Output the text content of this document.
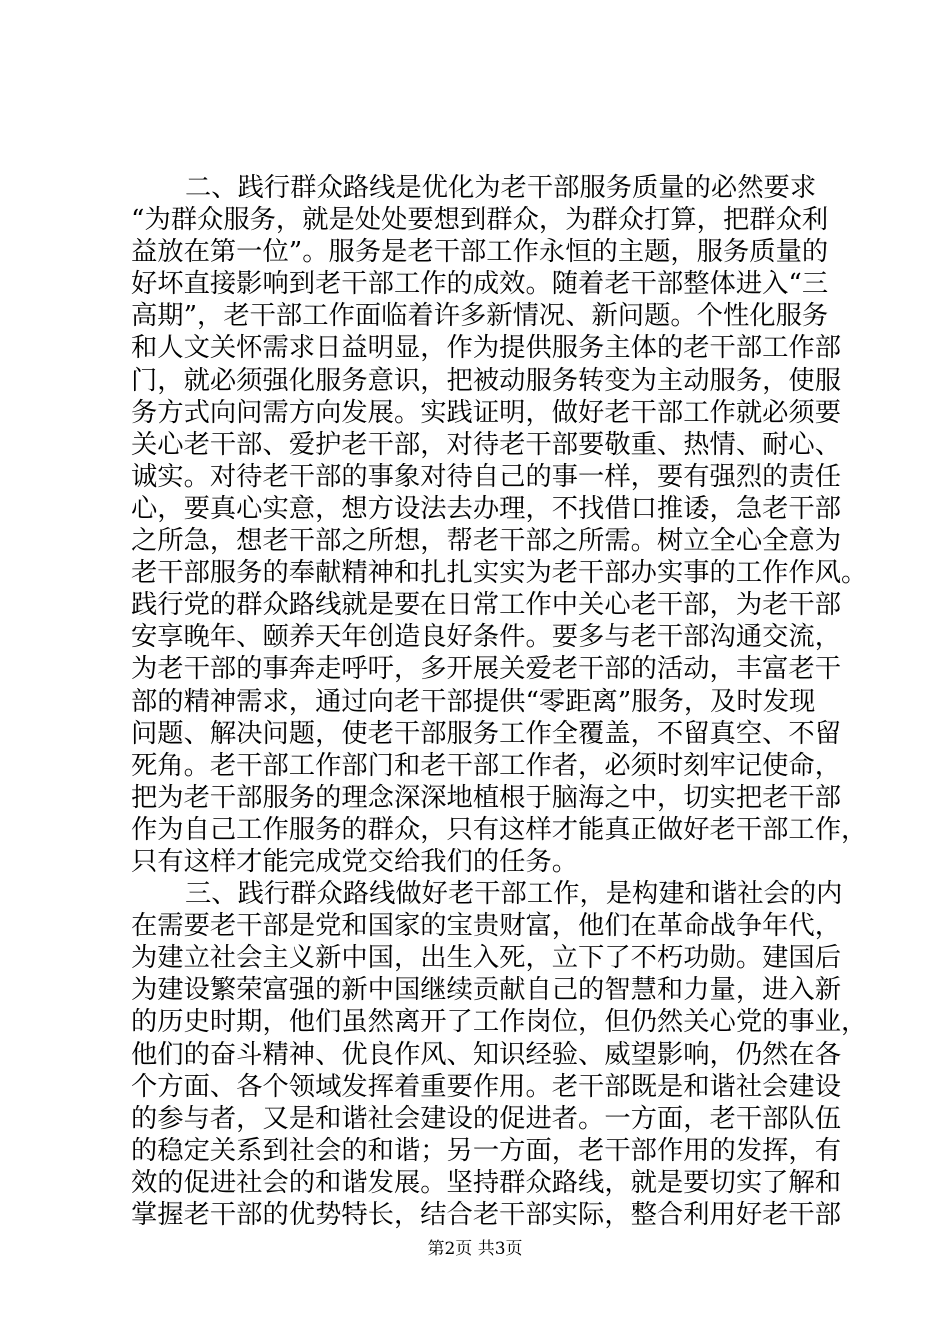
二、践行群众路线是优化为老干部服务质量的必然要求
“为群众服务，就是处处要想到群众，为群众打算，把群众利
益放在第一位”。服务是老干部工作永恒的主题，服务质量的
好坏直接影响到老干部工作的成效。随着老干部整体进入“三
高期”，老干部工作面临着许多新情况、新问题。个性化服务
和人文关怀需求日益明显，作为提供服务主体的老干部工作部
门，就必须强化服务意识，把被动服务转变为主动服务，使服
务方式向问需方向发展。实践证明，做好老干部工作就必须要
关心老干部、爱护老干部，对待老干部要敬重、热情、耐心、
诚实。对待老干部的事象对待自己的事一样，要有强烈的责任
心，要真心实意，想方设法去办理，不找借口推诿，急老干部
之所急，想老干部之所想，帮老干部之所需。树立全心全意为
老干部服务的奉献精神和扎扎实实为老干部办实事的工作作风。
践行党的群众路线就是要在日常工作中关心老干部，为老干部
安享晚年、颐养天年创造良好条件。要多与老干部沟通交流，
为老干部的事奔走呼吁，多开展关爱老干部的活动，丰富老干
部的精神需求，通过向老干部提供“零距离”服务，及时发现
问题、解决问题，使老干部服务工作全覆盖，不留真空、不留
死角。老干部工作部门和老干部工作者，必须时刻牢记使命，
把为老干部服务的理念深深地植根于脑海之中，切实把老干部
作为自己工作服务的群众，只有这样才能真正做好老干部工作，
只有这样才能完成党交给我们的任务。
三、践行群众路线做好老干部工作，是构建和谐社会的内
在需要老干部是党和国家的宝贵财富，他们在革命战争年代，
为建立社会主义新中国，出生入死，立下了不朽功勋。建国后
为建设繁荣富强的新中国继续贡献自己的智慧和力量，进入新
的历史时期，他们虽然离开了工作岗位，但仍然关心党的事业，
他们的奋斗精神、优良作风、知识经验、威望影响，仍然在各
个方面、各个领域发挥着重要作用。老干部既是和谐社会建设
的参与者，又是和谐社会建设的促进者。一方面，老干部队伍
的稳定关系到社会的和谐；另一方面，老干部作用的发挥，有
效的促进社会的和谐发展。坚持群众路线，就是要切实了解和
掌握老干部的优势特长，结合老干部实际，整合利用好老干部
第2页 共3页
